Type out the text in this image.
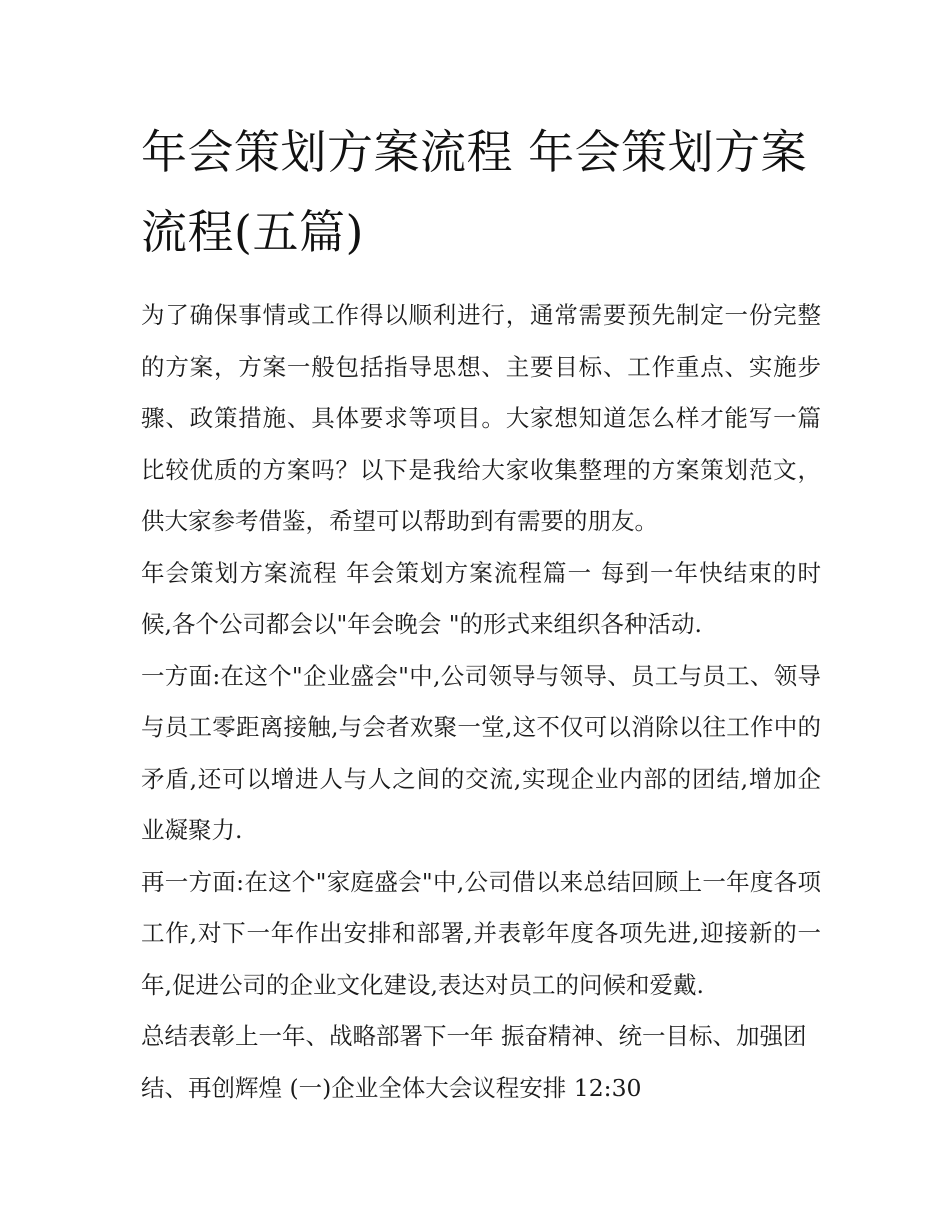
年会策划方案流程 年会策划方案流程(五篇)

为了确保事情或工作得以顺利进行，通常需要预先制定一份完整的方案，方案一般包括指导思想、主要目标、工作重点、实施步骤、政策措施、具体要求等项目。大家想知道怎么样才能写一篇比较优质的方案吗？以下是我给大家收集整理的方案策划范文，供大家参考借鉴，希望可以帮助到有需要的朋友。

年会策划方案流程 年会策划方案流程篇一 每到一年快结束的时候,各个公司都会以"年会晚会 "的形式来组织各种活动.

一方面:在这个"企业盛会"中,公司领导与领导、员工与员工、领导与员工零距离接触,与会者欢聚一堂,这不仅可以消除以往工作中的矛盾,还可以增进人与人之间的交流,实现企业内部的团结,增加企业凝聚力.

再一方面:在这个"家庭盛会"中,公司借以来总结回顾上一年度各项工作,对下一年作出安排和部署,并表彰年度各项先进,迎接新的一年,促进公司的企业文化建设,表达对员工的问候和爱戴.

总结表彰上一年、战略部署下一年 振奋精神、统一目标、加强团结、再创辉煌 (一)企业全体大会议程安排 12:30
